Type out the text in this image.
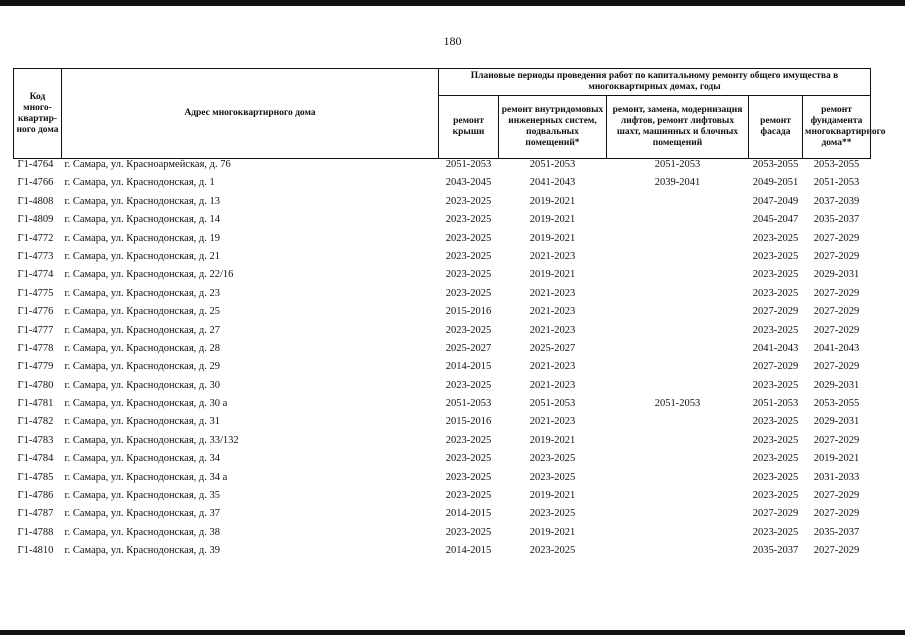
180
Код много-квартир-ного дома	Адрес многоквартирного дома	Плановые периоды проведения работ по капитальному ремонту общего имущества в многоквартирных домах, годы				
		ремонт крыши	ремонт внутридомовых инженерных систем, подвальных помещений*	ремонт, замена, модернизация лифтов, ремонт лифтовых шахт, машинных и блочных помещений	ремонт фасада	ремонт фундамента многоквартирного дома**
Г1-4764	г. Самара, ул. Красноармейская, д. 76	2051-2053	2051-2053	2051-2053	2053-2055	2053-2055
Г1-4766	г. Самара, ул. Краснодонская, д. 1	2043-2045	2041-2043	2039-2041	2049-2051	2051-2053
Г1-4808	г. Самара, ул. Краснодонская, д. 13	2023-2025	2019-2021		2047-2049	2037-2039
Г1-4809	г. Самара, ул. Краснодонская, д. 14	2023-2025	2019-2021		2045-2047	2035-2037
Г1-4772	г. Самара, ул. Краснодонская, д. 19	2023-2025	2019-2021		2023-2025	2027-2029
Г1-4773	г. Самара, ул. Краснодонская, д. 21	2023-2025	2021-2023		2023-2025	2027-2029
Г1-4774	г. Самара, ул. Краснодонская, д. 22/16	2023-2025	2019-2021		2023-2025	2029-2031
Г1-4775	г. Самара, ул. Краснодонская, д. 23	2023-2025	2021-2023		2023-2025	2027-2029
Г1-4776	г. Самара, ул. Краснодонская, д. 25	2015-2016	2021-2023		2027-2029	2027-2029
Г1-4777	г. Самара, ул. Краснодонская, д. 27	2023-2025	2021-2023		2023-2025	2027-2029
Г1-4778	г. Самара, ул. Краснодонская, д. 28	2025-2027	2025-2027		2041-2043	2041-2043
Г1-4779	г. Самара, ул. Краснодонская, д. 29	2014-2015	2021-2023		2027-2029	2027-2029
Г1-4780	г. Самара, ул. Краснодонская, д. 30	2023-2025	2021-2023		2023-2025	2029-2031
Г1-4781	г. Самара, ул. Краснодонская, д. 30 а	2051-2053	2051-2053	2051-2053	2051-2053	2053-2055
Г1-4782	г. Самара, ул. Краснодонская, д. 31	2015-2016	2021-2023		2023-2025	2029-2031
Г1-4783	г. Самара, ул. Краснодонская, д. 33/132	2023-2025	2019-2021		2023-2025	2027-2029
Г1-4784	г. Самара, ул. Краснодонская, д. 34	2023-2025	2023-2025		2023-2025	2019-2021
Г1-4785	г. Самара, ул. Краснодонская, д. 34 а	2023-2025	2023-2025		2023-2025	2031-2033
Г1-4786	г. Самара, ул. Краснодонская, д. 35	2023-2025	2019-2021		2023-2025	2027-2029
Г1-4787	г. Самара, ул. Краснодонская, д. 37	2014-2015	2023-2025		2027-2029	2027-2029
Г1-4788	г. Самара, ул. Краснодонская, д. 38	2023-2025	2019-2021		2023-2025	2035-2037
Г1-4810	г. Самара, ул. Краснодонская, д. 39	2014-2015	2023-2025		2035-2037	2027-2029
